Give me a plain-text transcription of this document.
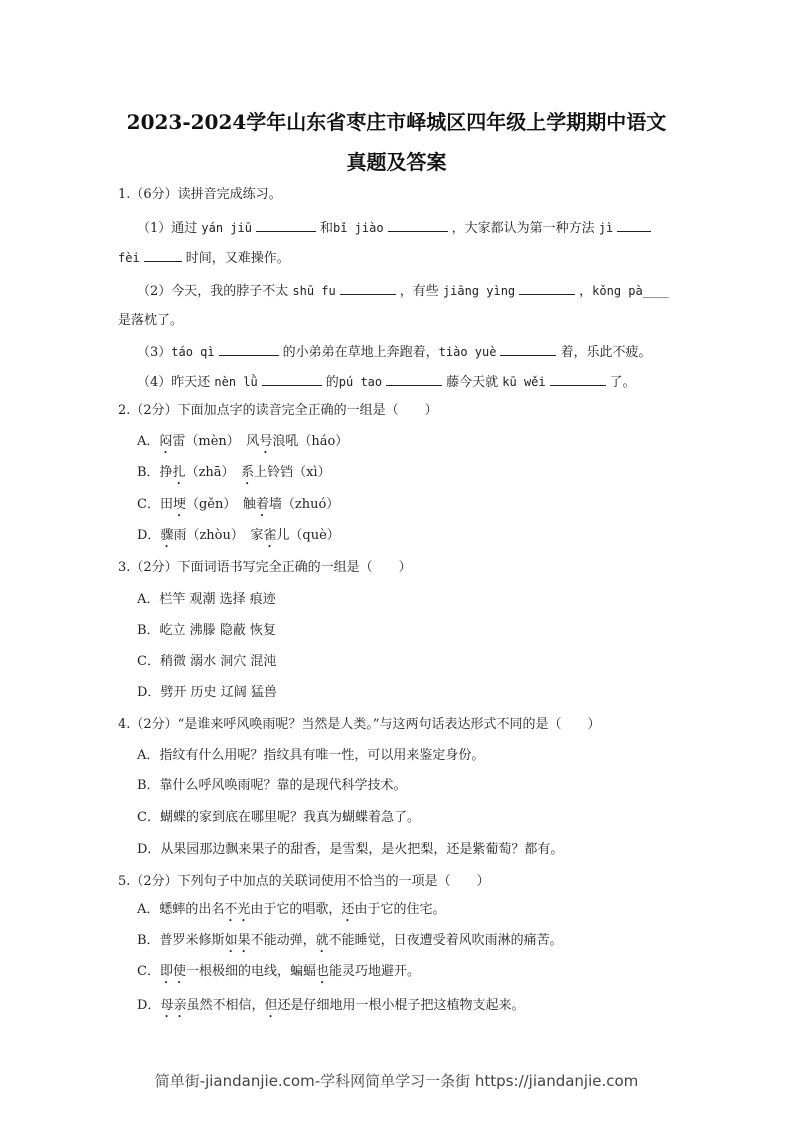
2023-2024学年山东省枣庄市峄城区四年级上学期期中语文
真题及答案
1.（6分）读拼音完成练习。
（1）通过 yán jiū	和bǐ jiào	，大家都认为第一种方法 jì
fèi	时间，又难操作。
（2）今天，我的脖子不太 shū fu	，有些 jiāng yìng	，kǒng pà____
是落枕了。
（3）táo qì	的小弟弟在草地上奔跑着，tiào yuè	着，乐此不疲。
（4）昨天还 nèn lǜ	的pú tao	藤今天就 kū wěi	了。
2.（2分）下面加点字的读音完全正确的一组是（　　）
A．闷雷（mèn）　风号浪吼（háo）
B．挣扎（zhā）　系上铃铛（xì）
C．田埂（gěn）　触着墙（zhuó）
D．骤雨（zhòu）　家雀儿（què）
3.（2分）下面词语书写完全正确的一组是（　　）
A．栏竿 观潮 选择 痕迹
B．屹立 沸滕 隐蔽 恢复
C．稍微 溺水 洞穴 混沌
D．劈开 历史 辽阔 猛兽
4.（2分）“是谁来呼风唤雨呢？当然是人类。”与这两句话表达形式不同的是（　　）
A．指纹有什么用呢？指纹具有唯一性，可以用来鉴定身份。
B．靠什么呼风唤雨呢？靠的是现代科学技术。
C．蝴蝶的家到底在哪里呢？我真为蝴蝶着急了。
D．从果园那边飘来果子的甜香，是雪梨，是火把梨，还是紫葡萄？都有。
5.（2分）下列句子中加点的关联词使用不恰当的一项是（　　）
A．蟋蟀的出名不光由于它的唱歌，还由于它的住宅。
B．普罗米修斯如果不能动弹，就不能睡觉，日夜遭受着风吹雨淋的痛苦。
C．即使一根极细的电线，蝙蝠也能灵巧地避开。
D．母亲虽然不相信，但还是仔细地用一根小棍子把这植物支起来。
简单街-jiandanjie.com-学科网简单学习一条街 https://jiandanjie.com
